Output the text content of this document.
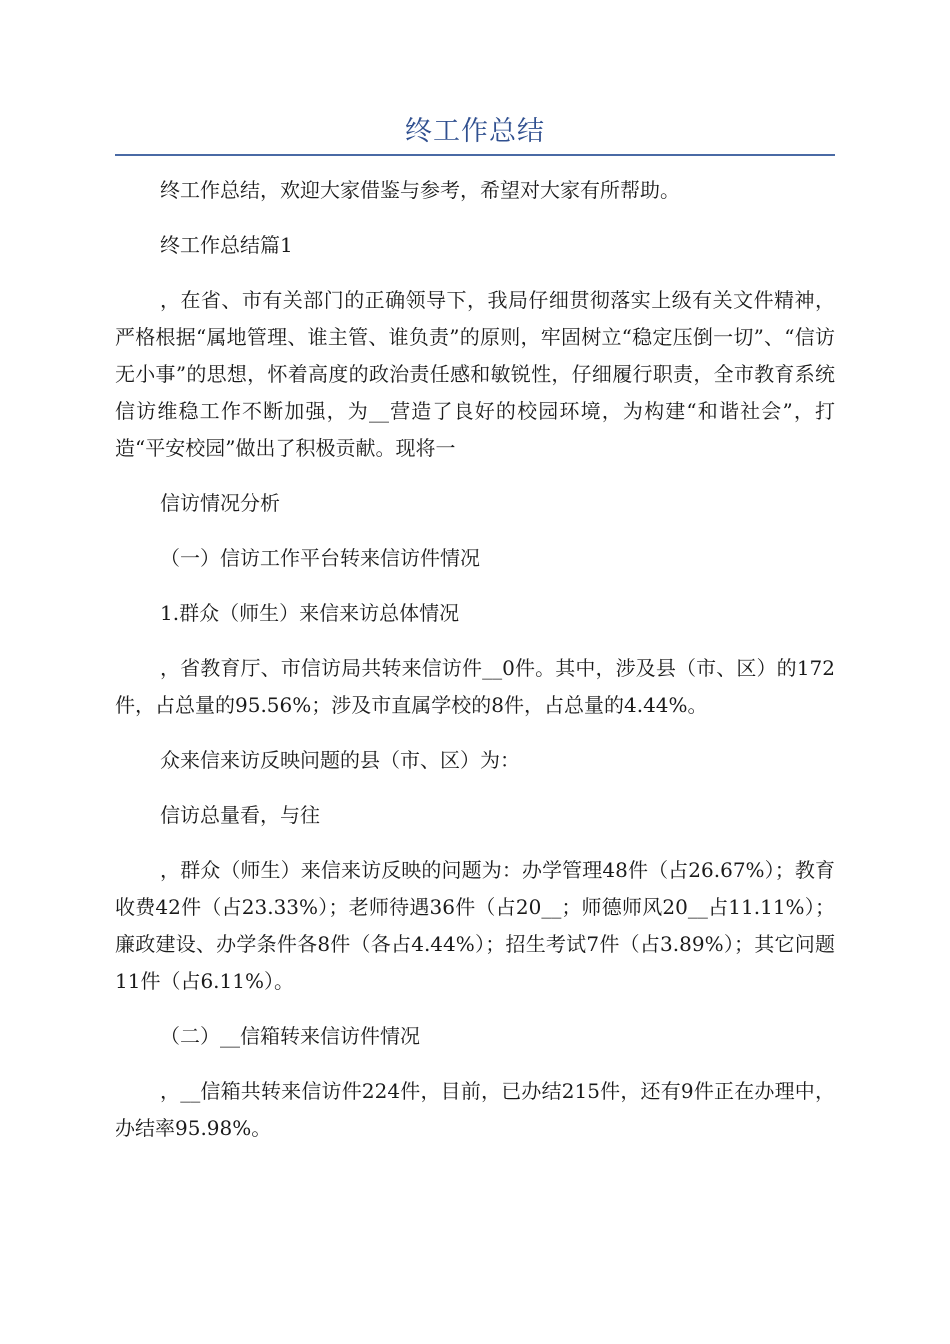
终工作总结

终工作总结，欢迎大家借鉴与参考，希望对大家有所帮助。

终工作总结篇1

，在省、市有关部门的正确领导下，我局仔细贯彻落实上级有关文件精神，严格根据“属地管理、谁主管、谁负责”的原则，牢固树立“稳定压倒一切”、“信访无小事”的思想，怀着高度的政治责任感和敏锐性，仔细履行职责，全市教育系统信访维稳工作不断加强，为__营造了良好的校园环境，为构建“和谐社会”，打造“平安校园”做出了积极贡献。现将一

信访情况分析

（一）信访工作平台转来信访件情况

1.群众（师生）来信来访总体情况

，省教育厅、市信访局共转来信访件__0件。其中，涉及县（市、区）的172件，占总量的95.56%；涉及市直属学校的8件，占总量的4.44%。

众来信来访反映问题的县（市、区）为：

信访总量看，与往

，群众（师生）来信来访反映的问题为：办学管理48件（占26.67%）；教育收费42件（占23.33%）；老师待遇36件（占20__；师德师风20__占11.11%）；廉政建设、办学条件各8件（各占4.44%）；招生考试7件（占3.89%）；其它问题11件（占6.11%）。

（二）__信箱转来信访件情况

，__信箱共转来信访件224件，目前，已办结215件，还有9件正在办理中，办结率95.98%。
